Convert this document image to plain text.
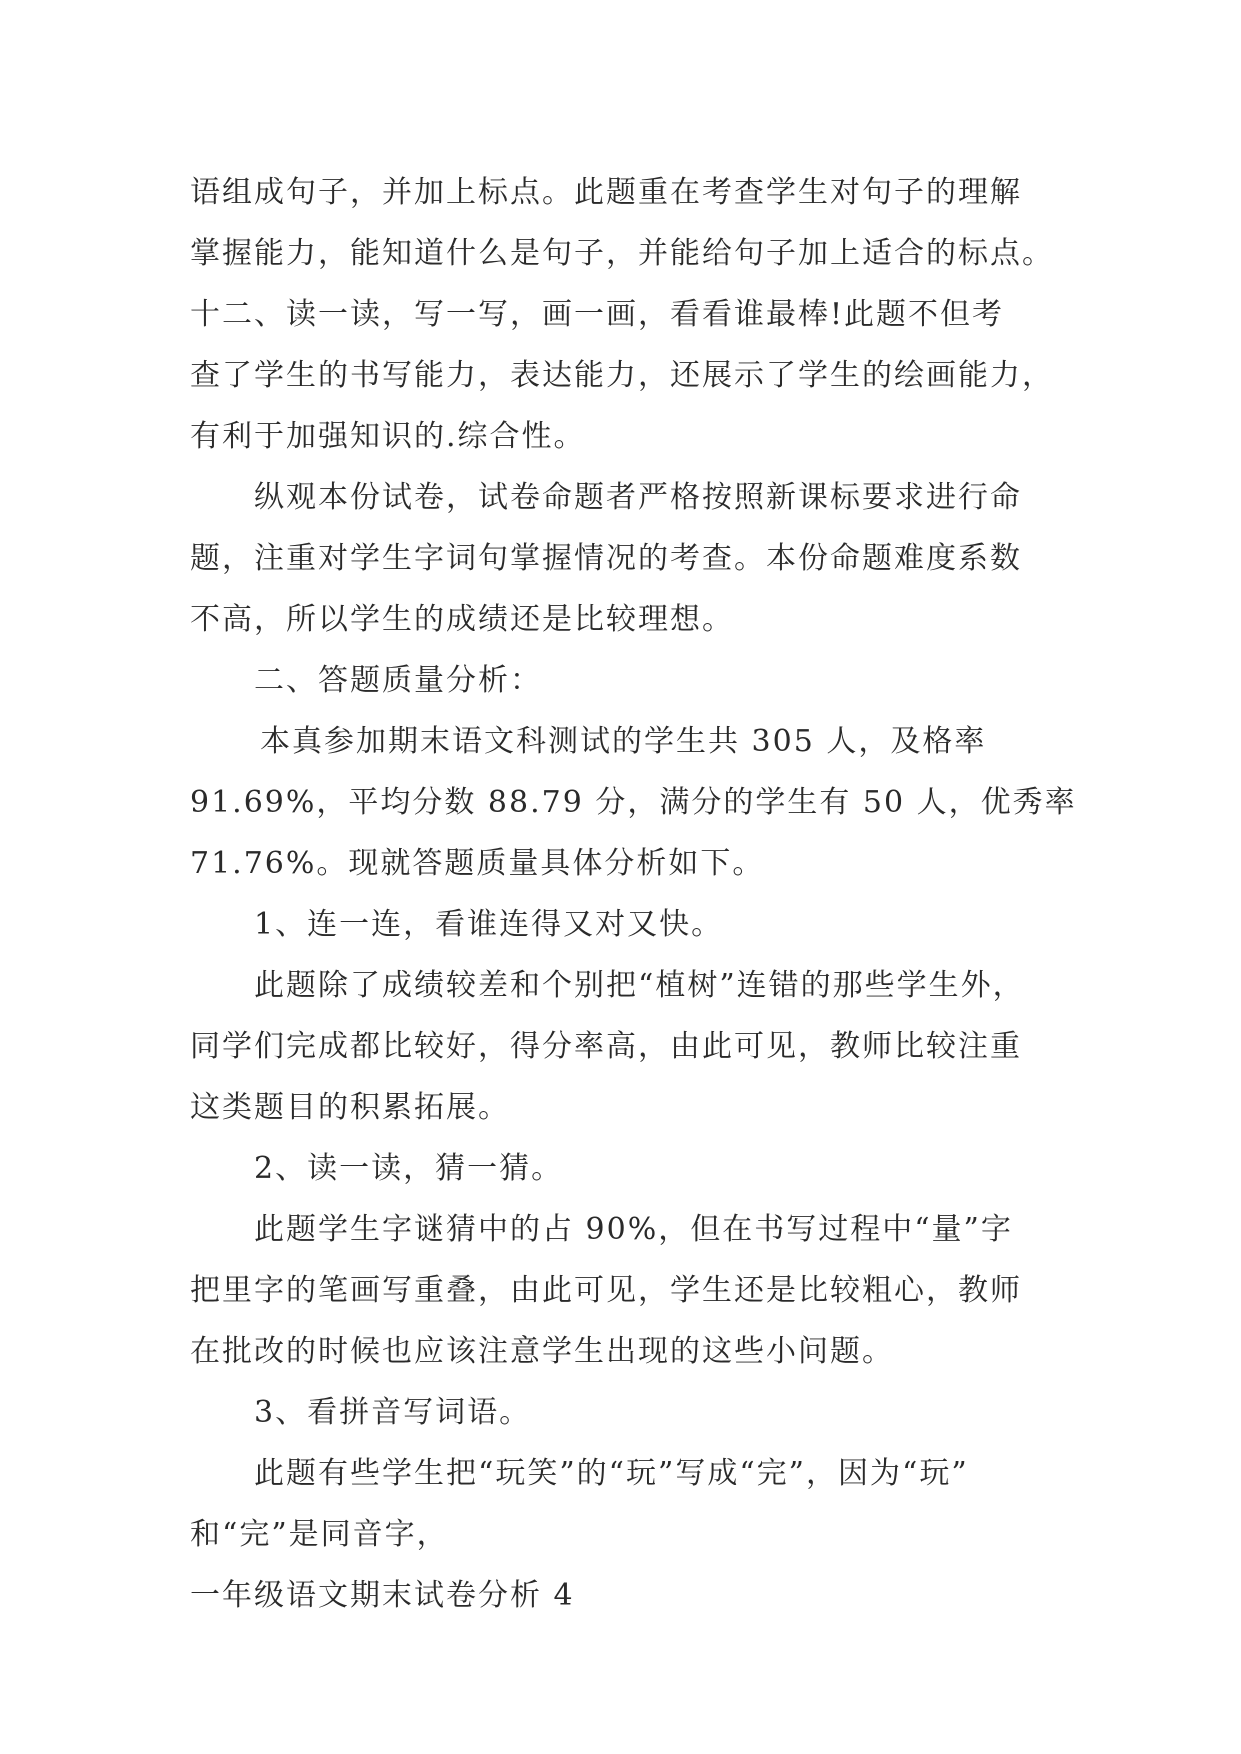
语组成句子，并加上标点。此题重在考查学生对句子的理解
掌握能力，能知道什么是句子，并能给句子加上适合的标点。
十二、读一读，写一写，画一画，看看谁最棒!此题不但考
查了学生的书写能力，表达能力，还展示了学生的绘画能力，
有利于加强知识的.综合性。

纵观本份试卷，试卷命题者严格按照新课标要求进行命
题，注重对学生字词句掌握情况的考查。本份命题难度系数
不高，所以学生的成绩还是比较理想。

二、答题质量分析：

本真参加期末语文科测试的学生共 305 人，及格率
91.69%，平均分数 88.79 分，满分的学生有 50 人，优秀率
71.76%。现就答题质量具体分析如下。

1、连一连，看谁连得又对又快。

此题除了成绩较差和个别把“植树”连错的那些学生外，
同学们完成都比较好，得分率高，由此可见，教师比较注重
这类题目的积累拓展。

2、读一读，猜一猜。

此题学生字谜猜中的占 90%，但在书写过程中“量”字
把里字的笔画写重叠，由此可见，学生还是比较粗心，教师
在批改的时候也应该注意学生出现的这些小问题。

3、看拼音写词语。

此题有些学生把“玩笑”的“玩”写成“完”，因为“玩”
和“完”是同音字，

一年级语文期末试卷分析 4
